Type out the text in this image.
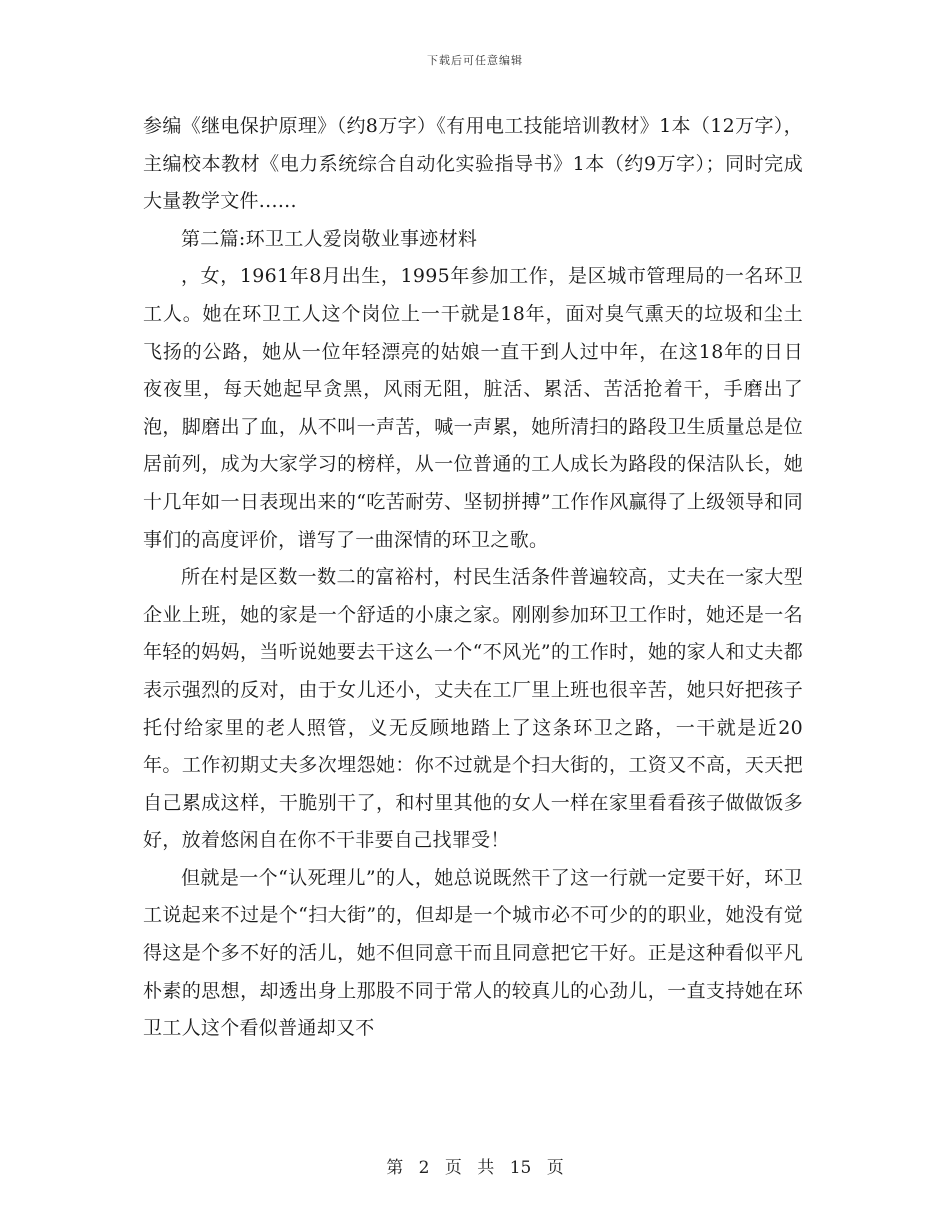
下载后可任意编辑

参编《继电保护原理》（约8万字）《有用电工技能培训教材》1本（12万字），主编校本教材《电力系统综合自动化实验指导书》1本（约9万字）；同时完成大量教学文件......

第二篇:环卫工人爱岗敬业事迹材料

，女，1961年8月出生，1995年参加工作，是区城市管理局的一名环卫工人。她在环卫工人这个岗位上一干就是18年，面对臭气熏天的垃圾和尘土飞扬的公路，她从一位年轻漂亮的姑娘一直干到人过中年，在这18年的日日夜夜里，每天她起早贪黑，风雨无阻，脏活、累活、苦活抢着干，手磨出了泡，脚磨出了血，从不叫一声苦，喊一声累，她所清扫的路段卫生质量总是位居前列，成为大家学习的榜样，从一位普通的工人成长为路段的保洁队长，她十几年如一日表现出来的“吃苦耐劳、坚韧拼搏”工作作风赢得了上级领导和同事们的高度评价，谱写了一曲深情的环卫之歌。

所在村是区数一数二的富裕村，村民生活条件普遍较高，丈夫在一家大型企业上班，她的家是一个舒适的小康之家。刚刚参加环卫工作时，她还是一名年轻的妈妈，当听说她要去干这么一个“不风光”的工作时，她的家人和丈夫都表示强烈的反对，由于女儿还小，丈夫在工厂里上班也很辛苦，她只好把孩子托付给家里的老人照管，义无反顾地踏上了这条环卫之路，一干就是近20年。工作初期丈夫多次埋怨她：你不过就是个扫大街的，工资又不高，天天把自己累成这样，干脆别干了，和村里其他的女人一样在家里看看孩子做做饭多好，放着悠闲自在你不干非要自己找罪受！

但就是一个“认死理儿”的人，她总说既然干了这一行就一定要干好，环卫工说起来不过是个“扫大街”的，但却是一个城市必不可少的的职业，她没有觉得这是个多不好的活儿，她不但同意干而且同意把它干好。正是这种看似平凡朴素的思想，却透出身上那股不同于常人的较真儿的心劲儿，一直支持她在环卫工人这个看似普通却又不

第 2 页 共 15 页
